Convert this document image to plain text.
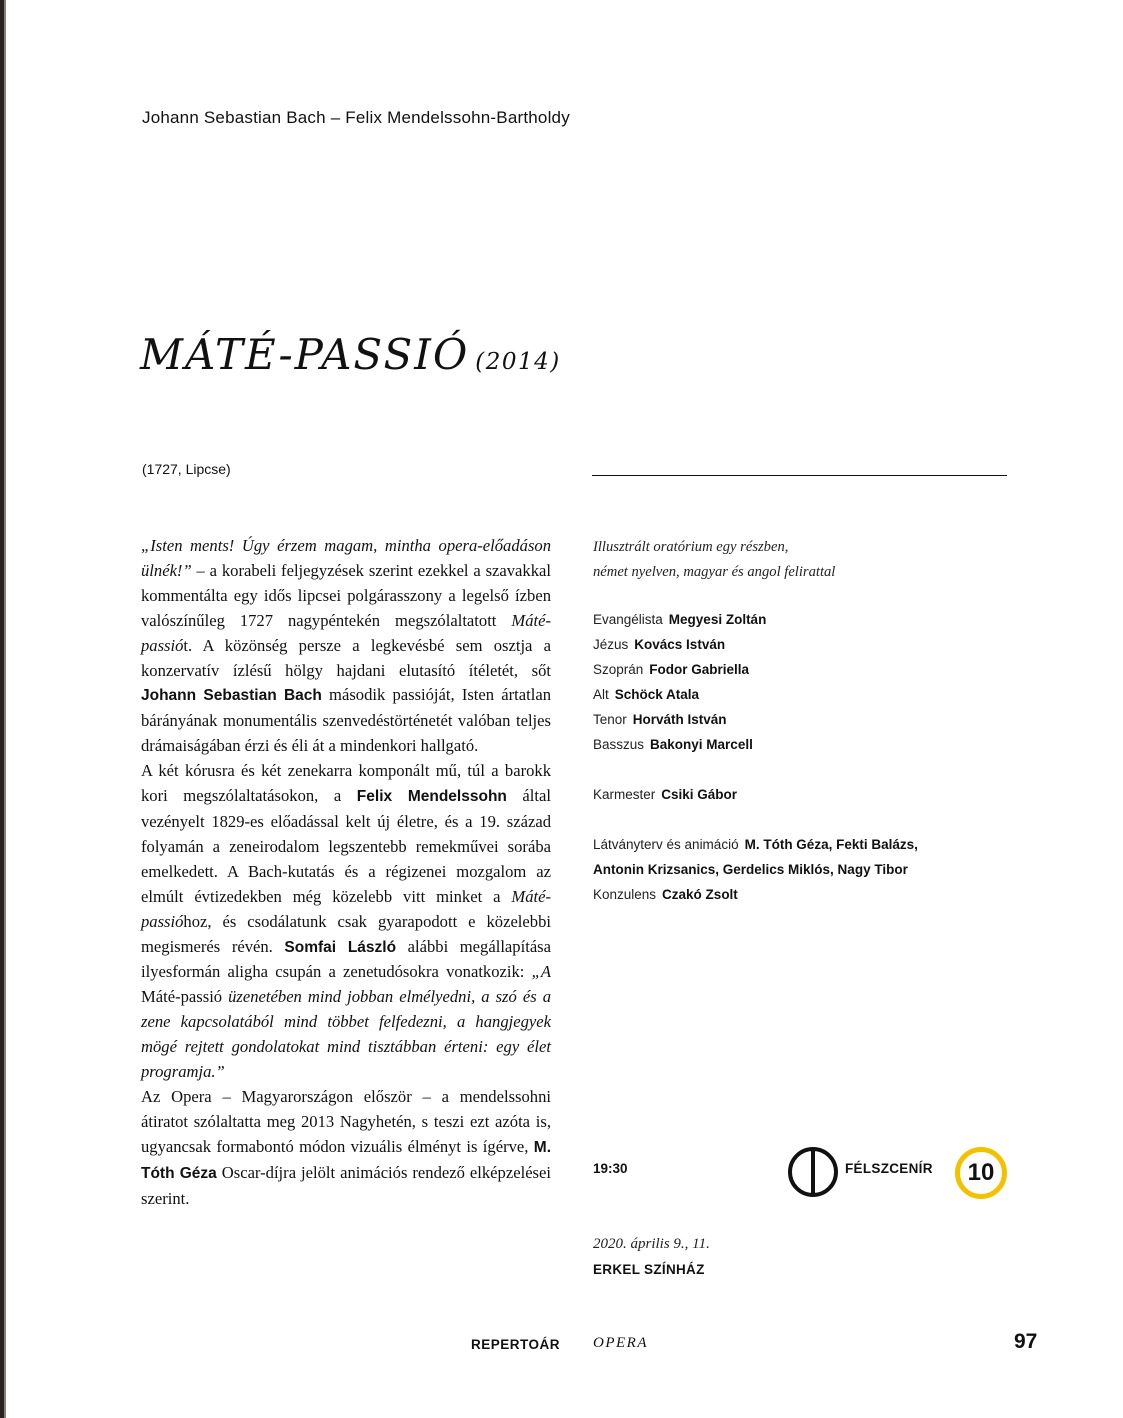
Johann Sebastian Bach – Felix Mendelssohn-Bartholdy
MÁTÉ-PASSIÓ (2014)
(1727, Lipcse)

„Isten ments! Úgy érzem magam, mintha opera-előadáson ülnék!” – a korabeli feljegyzések szerint ezekkel a szavakkal kommentálta egy idős lipcsei polgárasszony a legelső ízben valószínűleg 1727 nagypéntekén megszólaltatott Máté-passiót. A közönség persze a legkevésbé sem osztja a konzervatív ízlésű hölgy hajdani elutasító ítéletét, sőt Johann Sebastian Bach második passióját, Isten ártatlan bárányának monumentális szenvedéstörténetét valóban teljes drámaiságában érzi és éli át a mindenkori hallgató.

A két kórusra és két zenekarra komponált mű, túl a barokk kori megszólaltatásokon, a Felix Mendelssohn által vezényelt 1829-es előadással kelt új életre, és a 19. század folyamán a zeneirodalom legszentebb remekművei sorába emelkedett. A Bach-kutatás és a régizenei mozgalom az elmúlt évtizedekben még közelebb vitt minket a Máté-passióhoz, és csodálatunk csak gyarapodott e közelebbi megismerés révén. Somfai László alábbi megállapítása ilyesformán aligha csupán a zenetudósokra vonatkozik: „A Máté-passió üzenetében mind jobban elmélyedni, a szó és a zene kapcsolatából mind többet felfedezni, a hangjegyek mögé rejtett gondolatokat mind tisztábban érteni: egy élet programja.”

Az Opera – Magyarországon először – a mendelssohni átiratot szólaltatta meg 2013 Nagyhetén, s teszi ezt azóta is, ugyancsak formabontó módon vizuális élményt is ígérve, M. Tóth Géza Oscar-díjra jelölt animációs rendező elképzelései szerint.

Illusztrált oratórium egy részben,
német nyelven, magyar és angol felirattal
Evangélista Megyesi Zoltán
Jézus Kovács István
Szoprán Fodor Gabriella
Alt Schöck Atala
Tenor Horváth István
Basszus Bakonyi Marcell
Karmester Csiki Gábor
Látványterv és animáció M. Tóth Géza, Fekti Balázs,
Antonin Krizsanics, Gerdelics Miklós, Nagy Tibor
Konzulens Czakó Zsolt
19:30	FÉLSZCENÍR 10
2020. április 9., 11.
ERKEL SZÍNHÁZ
REPERTOÁR OPERA	97
